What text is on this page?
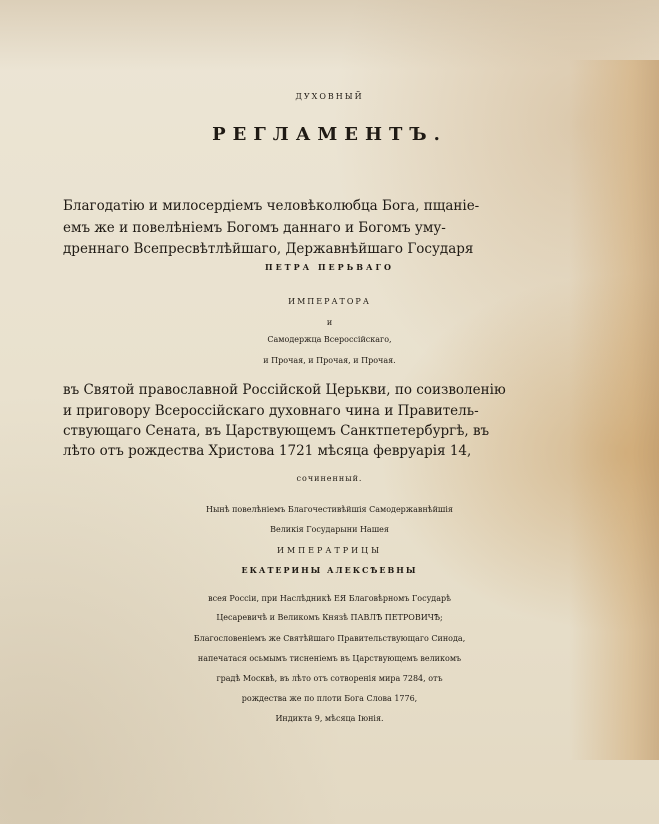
ДУХОВНЫЙ
РЕГЛАМЕНТЪ.
Благодатію и милосердіемъ человѣколюбца Бога, пщаніе-
емъ же и повелѣніемъ Богомъ даннаго и Богомъ уму-
дреннаго Всепресвѣтлѣйшаго, Державнѣйшаго Государя
ПЕТРА ПЕРЬВАГО
ИМПЕРАТОРА
и
Самодержца Всероссійскаго,
и Прочая, и Прочая, и Прочая.
въ Святой православной Россійской Церькви, по соизволенію
и приговору Всероссійскаго духовнаго чина и Правитель-
ствующаго Сената, въ Царствующемъ Санктпетербургѣ, въ
лѣто отъ рождества Христова 1721 мѣсяца февруарія 14,
сочиненный.
Нынѣ повелѣніемъ Благочестивѣйшія Самодержавнѣйшія
Великія Государыни Нашея
ИМПЕРАТРИЦЫ
ЕКАТЕРИНЫ АЛЕКСѢЕВНЫ
всея Россіи, при Наслѣдникѣ ЕЯ Благовѣрномъ Государѣ
Цесаревичѣ и Великомъ Князѣ ПАВЛѢ ПЕТРОВИЧѢ;
Благословеніемъ же Святѣйшаго Правительствующаго Синода,
напечатася осьмымъ тисненіемъ въ Царствующемъ великомъ
градѣ Москвѣ, въ лѣто отъ сотворенія мира 7284, отъ
рождества же по плоти Бога Слова 1776,
Индикта 9, мѣсяца Іюнія.
